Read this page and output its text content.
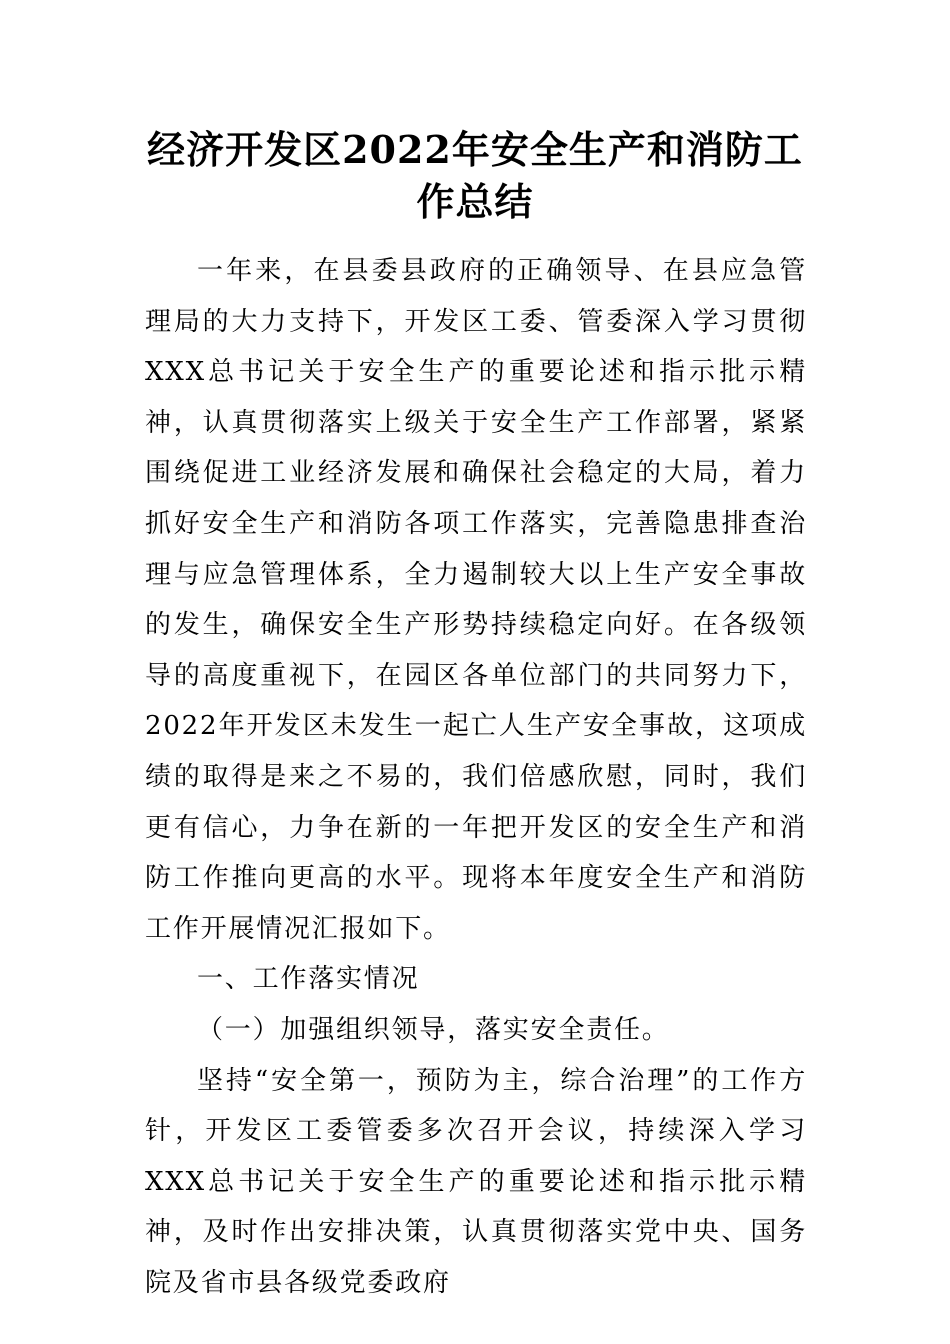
经济开发区2022年安全生产和消防工作总结

一年来，在县委县政府的正确领导、在县应急管理局的大力支持下，开发区工委、管委深入学习贯彻XXX总书记关于安全生产的重要论述和指示批示精神，认真贯彻落实上级关于安全生产工作部署，紧紧围绕促进工业经济发展和确保社会稳定的大局，着力抓好安全生产和消防各项工作落实，完善隐患排查治理与应急管理体系，全力遏制较大以上生产安全事故的发生，确保安全生产形势持续稳定向好。在各级领导的高度重视下，在园区各单位部门的共同努力下，2022年开发区未发生一起亡人生产安全事故，这项成绩的取得是来之不易的，我们倍感欣慰，同时，我们更有信心，力争在新的一年把开发区的安全生产和消防工作推向更高的水平。现将本年度安全生产和消防工作开展情况汇报如下。

一、工作落实情况

（一）加强组织领导，落实安全责任。

坚持“安全第一，预防为主，综合治理”的工作方针，开发区工委管委多次召开会议，持续深入学习XXX总书记关于安全生产的重要论述和指示批示精神，及时作出安排决策，认真贯彻落实党中央、国务院及省市县各级党委政府
